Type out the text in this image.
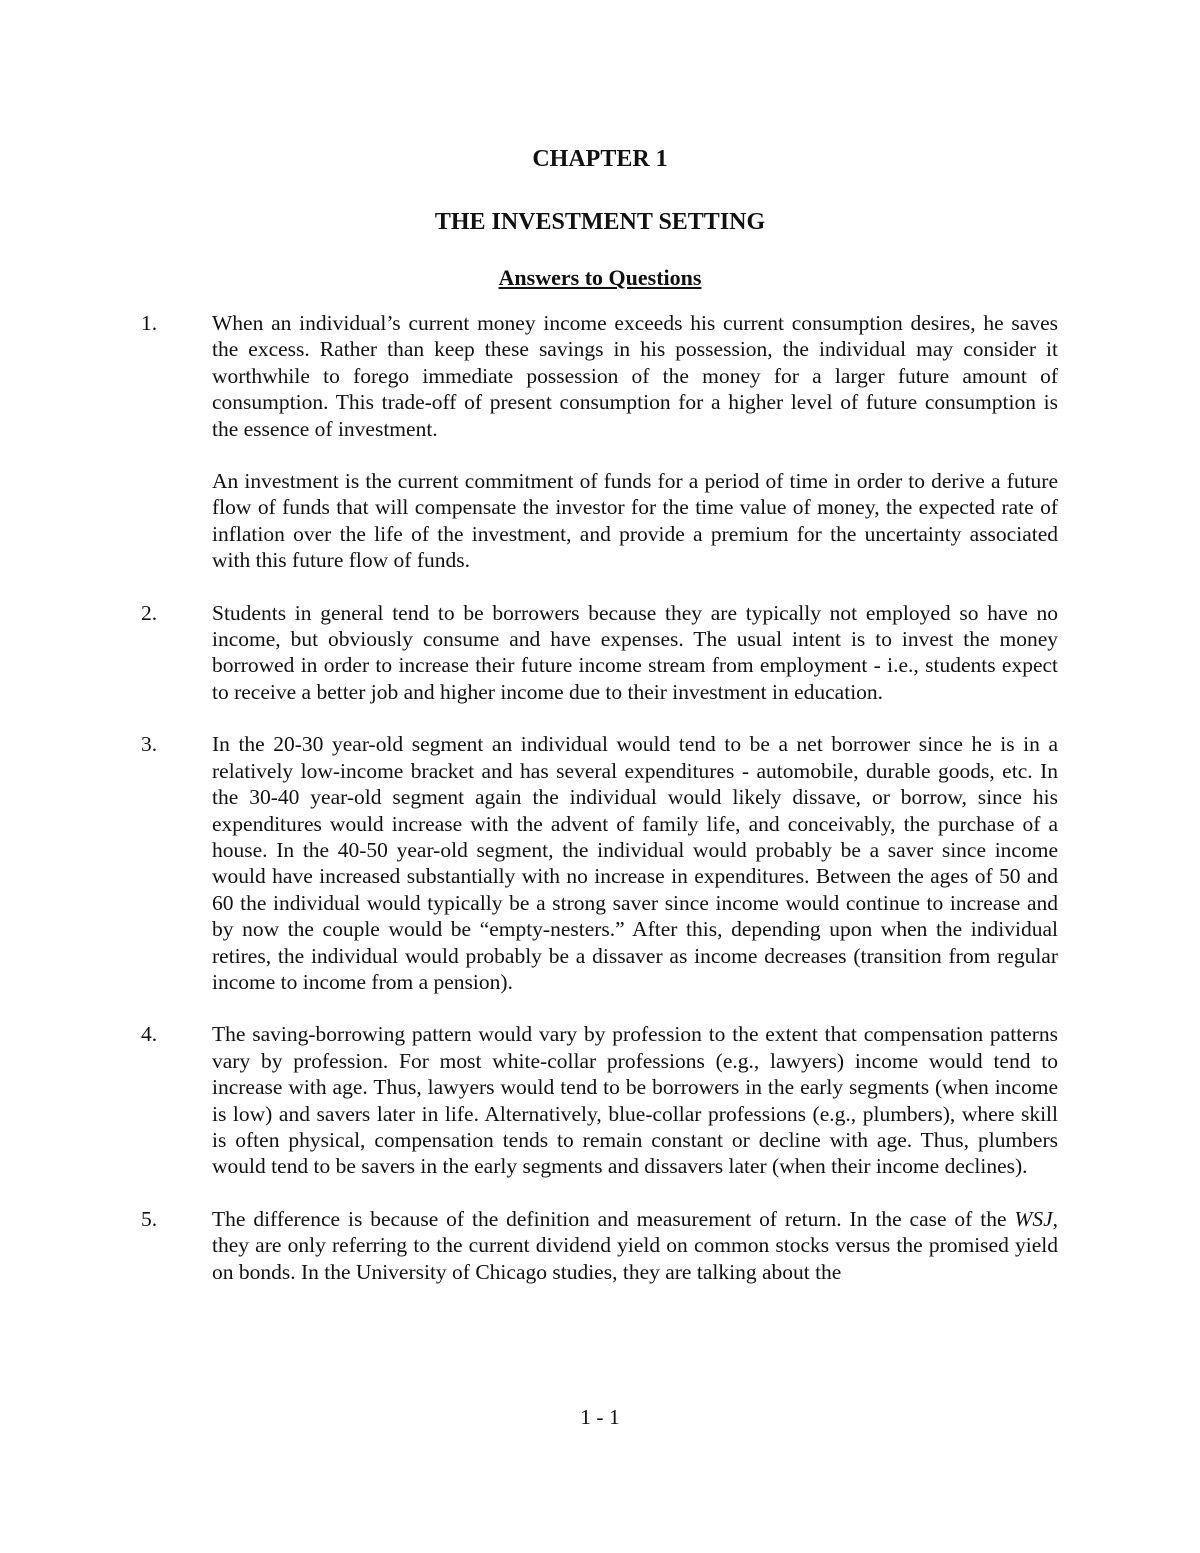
CHAPTER 1
THE INVESTMENT SETTING
Answers to Questions
1.	When an individual’s current money income exceeds his current consumption desires, he saves the excess. Rather than keep these savings in his possession, the individual may consider it worthwhile to forego immediate possession of the money for a larger future amount of consumption. This trade-off of present consumption for a higher level of future consumption is the essence of investment.

An investment is the current commitment of funds for a period of time in order to derive a future flow of funds that will compensate the investor for the time value of money, the expected rate of inflation over the life of the investment, and provide a premium for the uncertainty associated with this future flow of funds.

2.	Students in general tend to be borrowers because they are typically not employed so have no income, but obviously consume and have expenses. The usual intent is to invest the money borrowed in order to increase their future income stream from employment - i.e., students expect to receive a better job and higher income due to their investment in education.

3.	In the 20-30 year-old segment an individual would tend to be a net borrower since he is in a relatively low-income bracket and has several expenditures - automobile, durable goods, etc. In the 30-40 year-old segment again the individual would likely dissave, or borrow, since his expenditures would increase with the advent of family life, and conceivably, the purchase of a house. In the 40-50 year-old segment, the individual would probably be a saver since income would have increased substantially with no increase in expenditures. Between the ages of 50 and 60 the individual would typically be a strong saver since income would continue to increase and by now the couple would be “empty-nesters.” After this, depending upon when the individual retires, the individual would probably be a dissaver as income decreases (transition from regular income to income from a pension).

4.	The saving-borrowing pattern would vary by profession to the extent that compensation patterns vary by profession. For most white-collar professions (e.g., lawyers) income would tend to increase with age. Thus, lawyers would tend to be borrowers in the early segments (when income is low) and savers later in life. Alternatively, blue-collar professions (e.g., plumbers), where skill is often physical, compensation tends to remain constant or decline with age. Thus, plumbers would tend to be savers in the early segments and dissavers later (when their income declines).

5.	The difference is because of the definition and measurement of return. In the case of the WSJ, they are only referring to the current dividend yield on common stocks versus the promised yield on bonds. In the University of Chicago studies, they are talking about the

1 - 1
